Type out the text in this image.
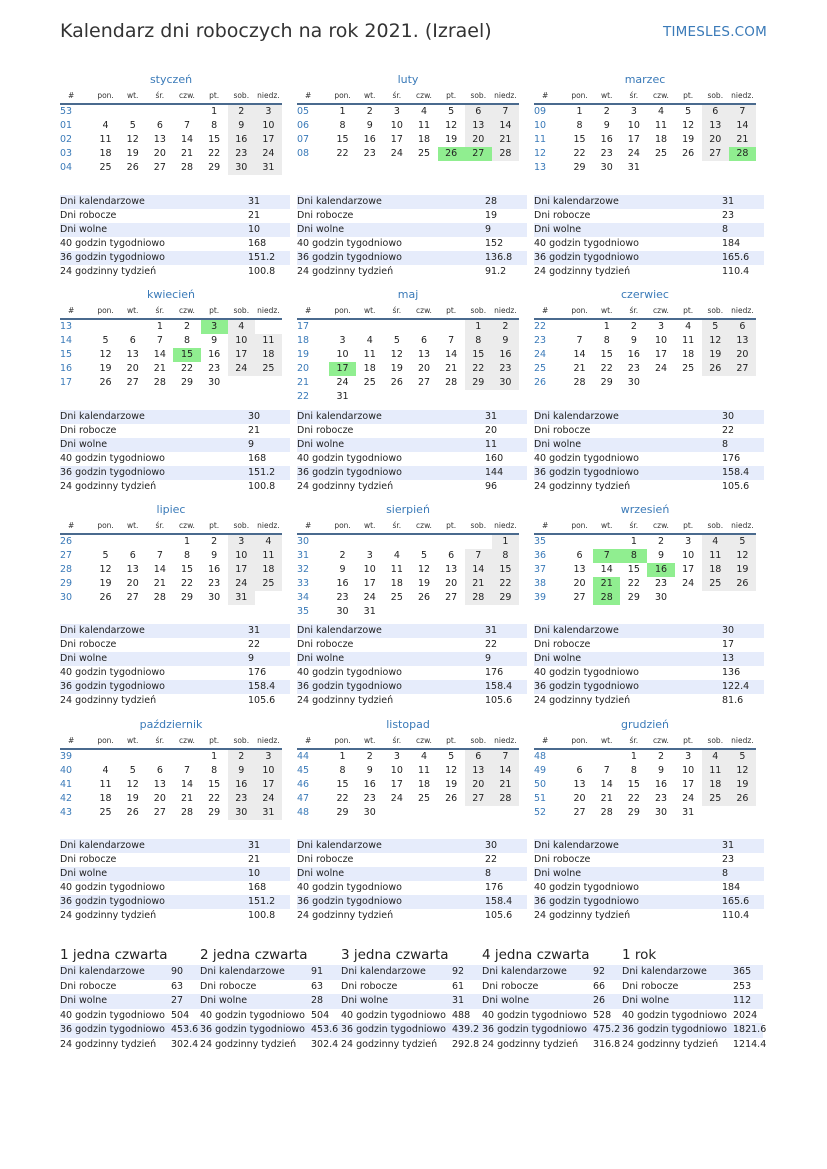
Kalendarz dni roboczych na rok 2021. (Izrael)	TIMESLES.COM
styczeń
#	pon.	wt.	śr.	czw.	pt.	sob.	niedz.
53					1	2	3
01	4	5	6	7	8	9	10
02	11	12	13	14	15	16	17
03	18	19	20	21	22	23	24
04	25	26	27	28	29	30	31
Dni kalendarzowe	31
Dni robocze	21
Dni wolne	10
40 godzin tygodniowo	168
36 godzin tygodniowo	151.2
24 godzinny tydzień	100.8
luty
#	pon.	wt.	śr.	czw.	pt.	sob.	niedz.
05	1	2	3	4	5	6	7
06	8	9	10	11	12	13	14
07	15	16	17	18	19	20	21
08	22	23	24	25	26	27	28
Dni kalendarzowe	28
Dni robocze	19
Dni wolne	9
40 godzin tygodniowo	152
36 godzin tygodniowo	136.8
24 godzinny tydzień	91.2
marzec
#	pon.	wt.	śr.	czw.	pt.	sob.	niedz.
09	1	2	3	4	5	6	7
10	8	9	10	11	12	13	14
11	15	16	17	18	19	20	21
12	22	23	24	25	26	27	28
13	29	30	31				
Dni kalendarzowe	31
Dni robocze	23
Dni wolne	8
40 godzin tygodniowo	184
36 godzin tygodniowo	165.6
24 godzinny tydzień	110.4
kwiecień
#	pon.	wt.	śr.	czw.	pt.	sob.	niedz.
13			1	2	3	4	
14	5	6	7	8	9	10	11
15	12	13	14	15	16	17	18
16	19	20	21	22	23	24	25
17	26	27	28	29	30		
Dni kalendarzowe	30
Dni robocze	21
Dni wolne	9
40 godzin tygodniowo	168
36 godzin tygodniowo	151.2
24 godzinny tydzień	100.8
maj
#	pon.	wt.	śr.	czw.	pt.	sob.	niedz.
17						1	2
18	3	4	5	6	7	8	9
19	10	11	12	13	14	15	16
20	17	18	19	20	21	22	23
21	24	25	26	27	28	29	30
22	31						
Dni kalendarzowe	31
Dni robocze	20
Dni wolne	11
40 godzin tygodniowo	160
36 godzin tygodniowo	144
24 godzinny tydzień	96
czerwiec
#	pon.	wt.	śr.	czw.	pt.	sob.	niedz.
22		1	2	3	4	5	6
23	7	8	9	10	11	12	13
24	14	15	16	17	18	19	20
25	21	22	23	24	25	26	27
26	28	29	30				
Dni kalendarzowe	30
Dni robocze	22
Dni wolne	8
40 godzin tygodniowo	176
36 godzin tygodniowo	158.4
24 godzinny tydzień	105.6
lipiec
#	pon.	wt.	śr.	czw.	pt.	sob.	niedz.
26				1	2	3	4
27	5	6	7	8	9	10	11
28	12	13	14	15	16	17	18
29	19	20	21	22	23	24	25
30	26	27	28	29	30	31	
Dni kalendarzowe	31
Dni robocze	22
Dni wolne	9
40 godzin tygodniowo	176
36 godzin tygodniowo	158.4
24 godzinny tydzień	105.6
sierpień
#	pon.	wt.	śr.	czw.	pt.	sob.	niedz.
30							1
31	2	3	4	5	6	7	8
32	9	10	11	12	13	14	15
33	16	17	18	19	20	21	22
34	23	24	25	26	27	28	29
35	30	31					
Dni kalendarzowe	31
Dni robocze	22
Dni wolne	9
40 godzin tygodniowo	176
36 godzin tygodniowo	158.4
24 godzinny tydzień	105.6
wrzesień
#	pon.	wt.	śr.	czw.	pt.	sob.	niedz.
35			1	2	3	4	5
36	6	7	8	9	10	11	12
37	13	14	15	16	17	18	19
38	20	21	22	23	24	25	26
39	27	28	29	30			
Dni kalendarzowe	30
Dni robocze	17
Dni wolne	13
40 godzin tygodniowo	136
36 godzin tygodniowo	122.4
24 godzinny tydzień	81.6
październik
#	pon.	wt.	śr.	czw.	pt.	sob.	niedz.
39					1	2	3
40	4	5	6	7	8	9	10
41	11	12	13	14	15	16	17
42	18	19	20	21	22	23	24
43	25	26	27	28	29	30	31
Dni kalendarzowe	31
Dni robocze	21
Dni wolne	10
40 godzin tygodniowo	168
36 godzin tygodniowo	151.2
24 godzinny tydzień	100.8
listopad
#	pon.	wt.	śr.	czw.	pt.	sob.	niedz.
44	1	2	3	4	5	6	7
45	8	9	10	11	12	13	14
46	15	16	17	18	19	20	21
47	22	23	24	25	26	27	28
48	29	30					
Dni kalendarzowe	30
Dni robocze	22
Dni wolne	8
40 godzin tygodniowo	176
36 godzin tygodniowo	158.4
24 godzinny tydzień	105.6
grudzień
#	pon.	wt.	śr.	czw.	pt.	sob.	niedz.
48			1	2	3	4	5
49	6	7	8	9	10	11	12
50	13	14	15	16	17	18	19
51	20	21	22	23	24	25	26
52	27	28	29	30	31		
Dni kalendarzowe	31
Dni robocze	23
Dni wolne	8
40 godzin tygodniowo	184
36 godzin tygodniowo	165.6
24 godzinny tydzień	110.4
1 jedna czwarta
Dni kalendarzowe	90
Dni robocze	63
Dni wolne	27
40 godzin tygodniowo 504
36 godzin tygodniowo 453.6
24 godzinny tydzień 302.4
2 jedna czwarta
Dni kalendarzowe	91
Dni robocze	63
Dni wolne	28
40 godzin tygodniowo 504
36 godzin tygodniowo 453.6
24 godzinny tydzień 302.4
3 jedna czwarta
Dni kalendarzowe	92
Dni robocze	61
Dni wolne	31
40 godzin tygodniowo 488
36 godzin tygodniowo 439.2
24 godzinny tydzień 292.8
4 jedna czwarta
Dni kalendarzowe	92
Dni robocze	66
Dni wolne	26
40 godzin tygodniowo 528
36 godzin tygodniowo 475.2
24 godzinny tydzień 316.8
1 rok
Dni kalendarzowe	365
Dni robocze	253
Dni wolne	112
40 godzin tygodniowo 2024
36 godzin tygodniowo 1821.6
24 godzinny tydzień 1214.4
